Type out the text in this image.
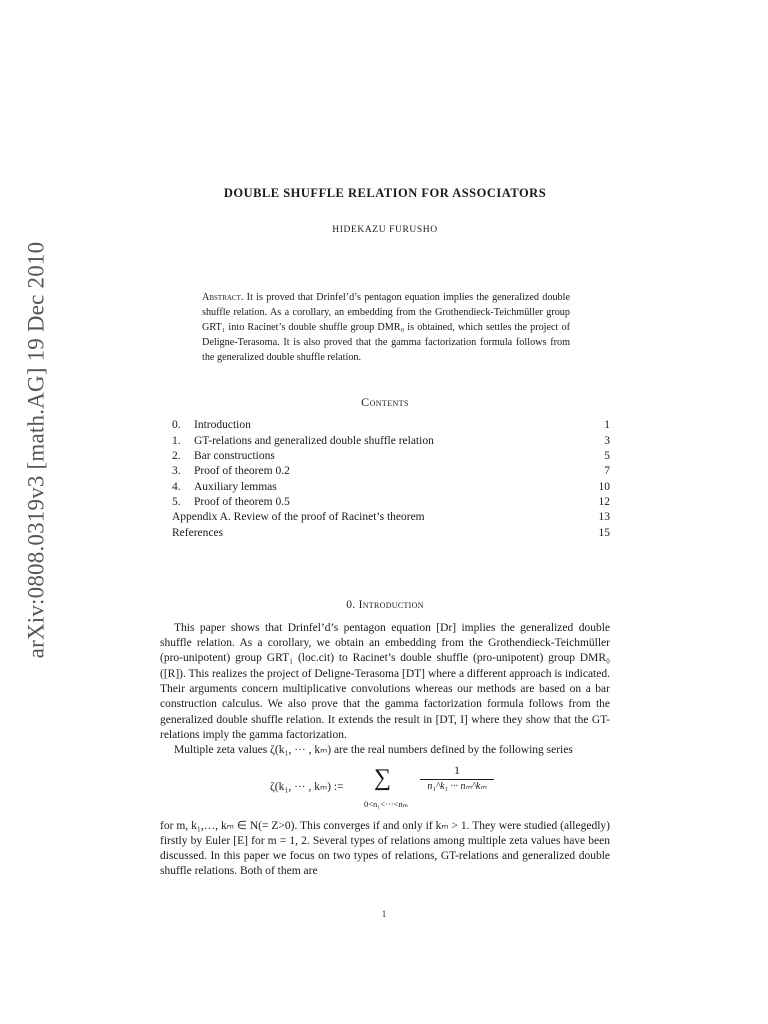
arXiv:0808.0319v3 [math.AG] 19 Dec 2010
DOUBLE SHUFFLE RELATION FOR ASSOCIATORS
HIDEKAZU FURUSHO
Abstract. It is proved that Drinfel’d’s pentagon equation implies the generalized double shuffle relation. As a corollary, an embedding from the Grothendieck-Teichmüller group GRT₁ into Racinet’s double shuffle group DMR₀ is obtained, which settles the project of Deligne-Terasoma. It is also proved that the gamma factorization formula follows from the generalized double shuffle relation.
Contents
0. Introduction	1
1. GT-relations and generalized double shuffle relation	3
2. Bar constructions	5
3. Proof of theorem 0.2	7
4. Auxiliary lemmas	10
5. Proof of theorem 0.5	12
Appendix A. Review of the proof of Racinet’s theorem	13
References	15
0. Introduction

This paper shows that Drinfel’d’s pentagon equation [Dr] implies the generalized double shuffle relation. As a corollary, we obtain an embedding from the Grothendieck-Teichmüller (pro-unipotent) group GRT₁ (loc.cit) to Racinet’s double shuffle (pro-unipotent) group DMR₀ ([R]). This realizes the project of Deligne-Terasoma [DT] where a different approach is indicated. Their arguments concern multiplicative convolutions whereas our methods are based on a bar construction calculus. We also prove that the gamma factorization formula follows from the generalized double shuffle relation. It extends the result in [DT, I] where they show that the GT-relations imply the gamma factorization.

Multiple zeta values ζ(k₁, ··· , kₘ) are the real numbers defined by the following series

ζ(k₁, ··· , kₘ) := ∑
0<n₁<···<nₘ
$\frac{1}{\text{n₁\textasciicircum{}k₁ ··· nₘ\textasciicircum{}kₘ}}$

for m, k₁,…, kₘ ∈ N(= Z>0). This converges if and only if kₘ > 1. They were studied (allegedly) firstly by Euler [E] for m = 1, 2. Several types of relations among multiple zeta values have been discussed. In this paper we focus on two types of relations, GT-relations and generalized double shuffle relations. Both of them are

1
